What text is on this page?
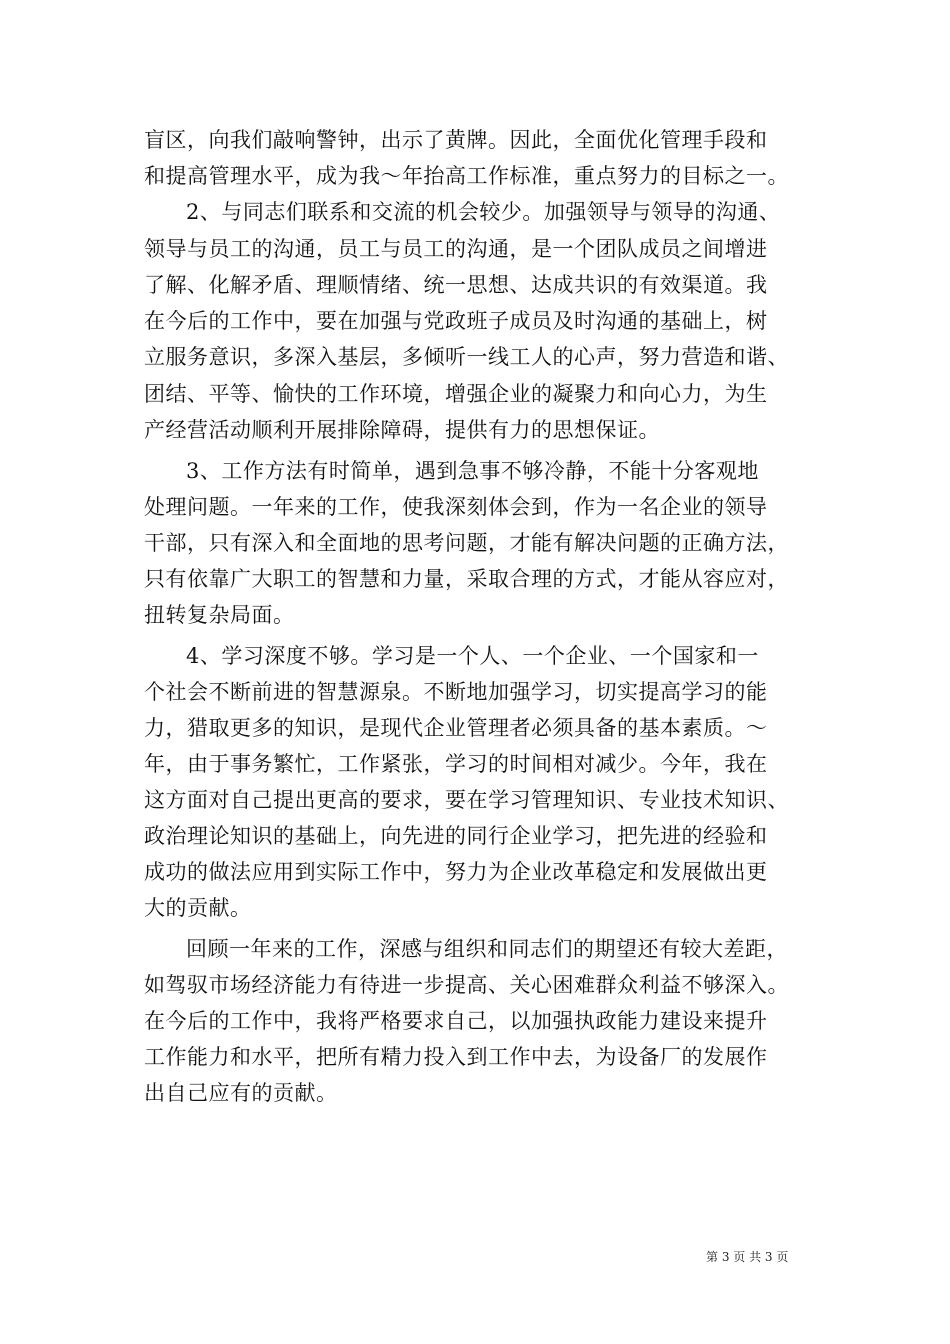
盲区，向我们敲响警钟，出示了黄牌。因此，全面优化管理手段和
和提高管理水平，成为我～年抬高工作标准，重点努力的目标之一。
2、与同志们联系和交流的机会较少。加强领导与领导的沟通、
领导与员工的沟通，员工与员工的沟通，是一个团队成员之间增进
了解、化解矛盾、理顺情绪、统一思想、达成共识的有效渠道。我
在今后的工作中，要在加强与党政班子成员及时沟通的基础上，树
立服务意识，多深入基层，多倾听一线工人的心声，努力营造和谐、
团结、平等、愉快的工作环境，增强企业的凝聚力和向心力，为生
产经营活动顺利开展排除障碍，提供有力的思想保证。
3、工作方法有时简单，遇到急事不够冷静，不能十分客观地
处理问题。一年来的工作，使我深刻体会到，作为一名企业的领导
干部，只有深入和全面地的思考问题，才能有解决问题的正确方法，
只有依靠广大职工的智慧和力量，采取合理的方式，才能从容应对，
扭转复杂局面。
4、学习深度不够。学习是一个人、一个企业、一个国家和一
个社会不断前进的智慧源泉。不断地加强学习，切实提高学习的能
力，猎取更多的知识，是现代企业管理者必须具备的基本素质。～
年，由于事务繁忙，工作紧张，学习的时间相对减少。今年，我在
这方面对自己提出更高的要求，要在学习管理知识、专业技术知识、
政治理论知识的基础上，向先进的同行企业学习，把先进的经验和
成功的做法应用到实际工作中，努力为企业改革稳定和发展做出更
大的贡献。
回顾一年来的工作，深感与组织和同志们的期望还有较大差距，
如驾驭市场经济能力有待进一步提高、关心困难群众利益不够深入。
在今后的工作中，我将严格要求自己，以加强执政能力建设来提升
工作能力和水平，把所有精力投入到工作中去，为设备厂的发展作
出自己应有的贡献。
第 3 页 共 3 页
